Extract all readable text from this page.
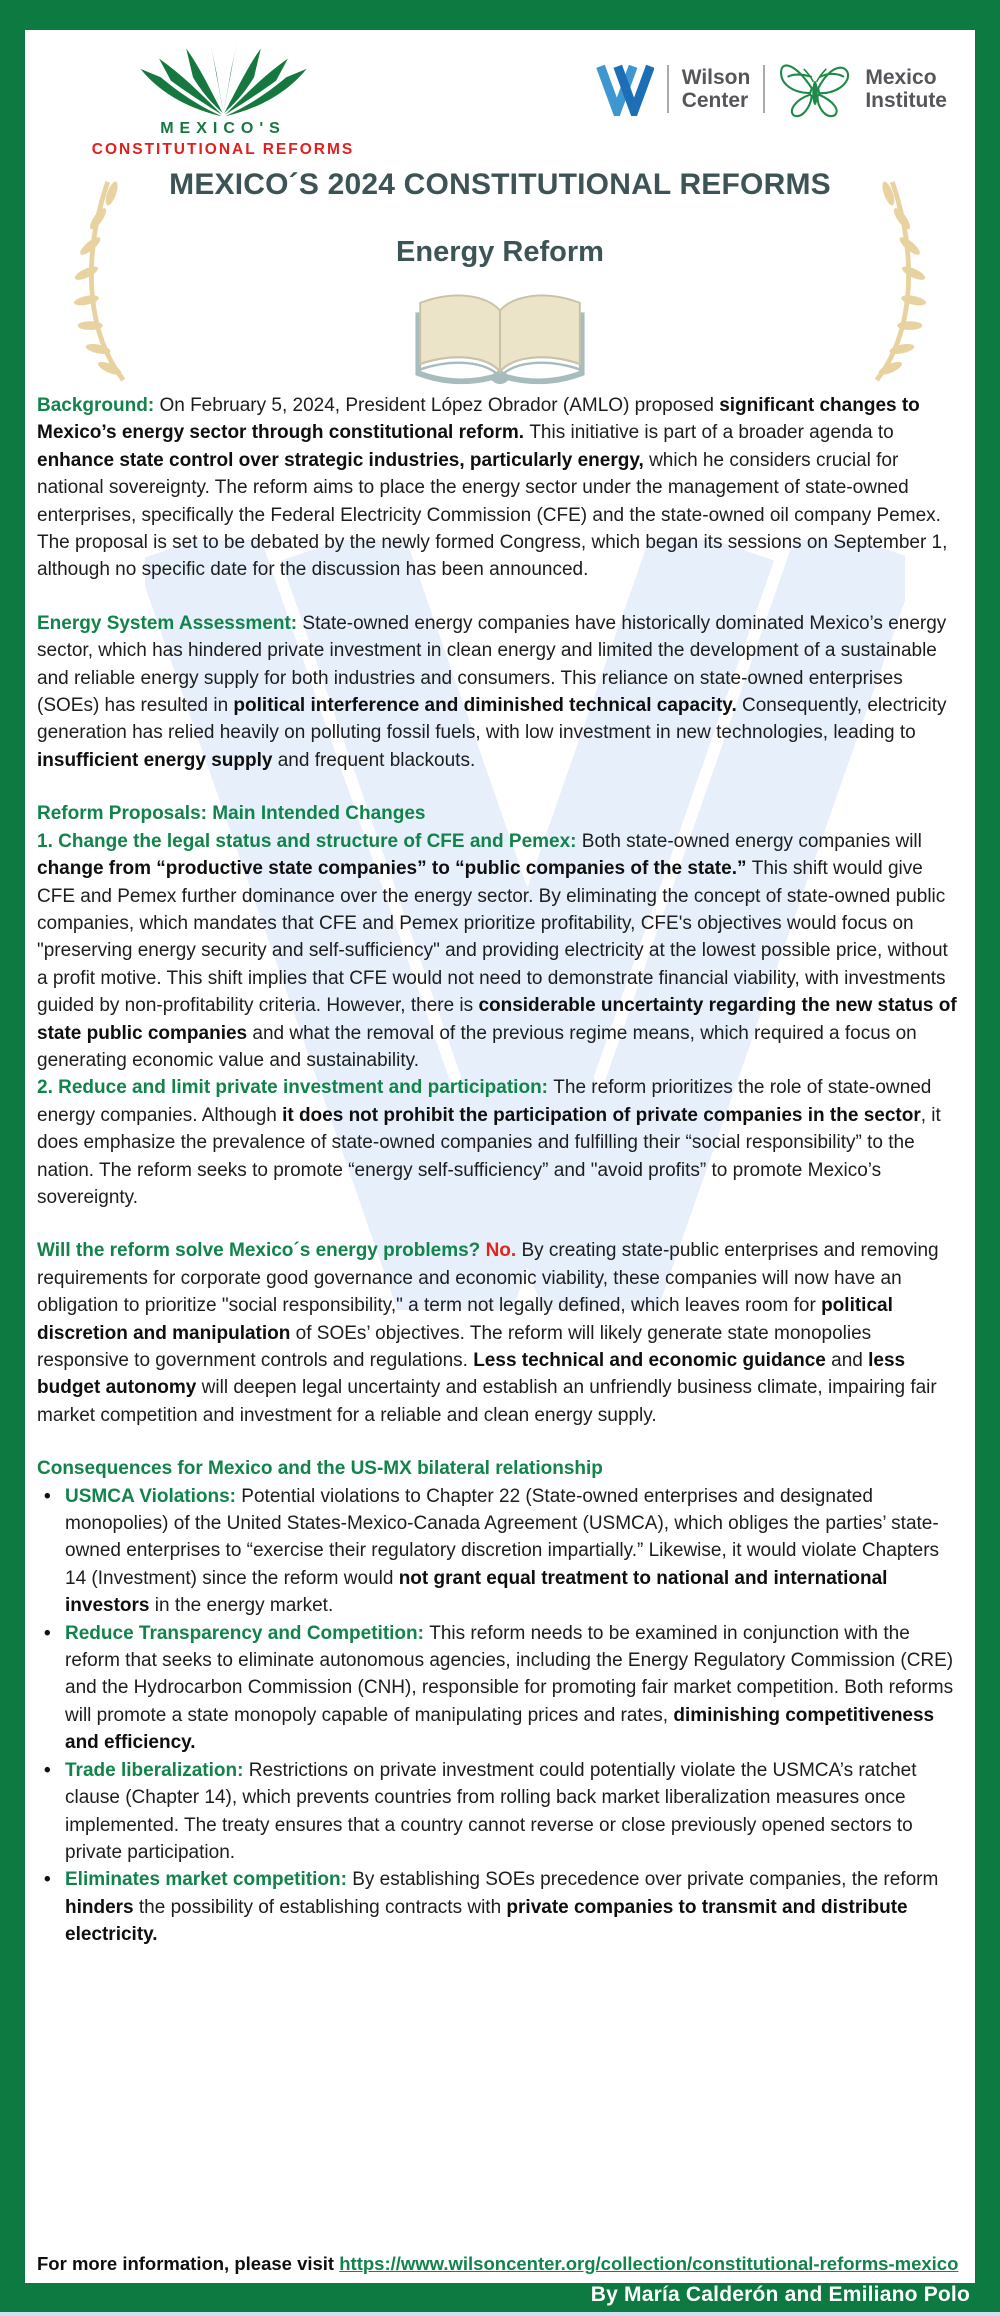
MEXICO'S
CONSTITUTIONAL REFORMS
Wilson
Center
Mexico
Institute
MEXICO´S 2024 CONSTITUTIONAL REFORMS
Energy Reform

Background: On February 5, 2024, President López Obrador (AMLO) proposed significant changes to Mexico’s energy sector through constitutional reform. This initiative is part of a broader agenda to enhance state control over strategic industries, particularly energy, which he considers crucial for national sovereignty. The reform aims to place the energy sector under the management of state-owned enterprises, specifically the Federal Electricity Commission (CFE) and the state-owned oil company Pemex. The proposal is set to be debated by the newly formed Congress, which began its sessions on September 1, although no specific date for the discussion has been announced.

Energy System Assessment: State-owned energy companies have historically dominated Mexico’s energy sector, which has hindered private investment in clean energy and limited the development of a sustainable and reliable energy supply for both industries and consumers. This reliance on state-owned enterprises (SOEs) has resulted in political interference and diminished technical capacity. Consequently, electricity generation has relied heavily on polluting fossil fuels, with low investment in new technologies, leading to insufficient energy supply and frequent blackouts.

Reform Proposals: Main Intended Changes

1. Change the legal status and structure of CFE and Pemex: Both state-owned energy companies will change from “productive state companies” to “public companies of the state.” This shift would give CFE and Pemex further dominance over the energy sector. By eliminating the concept of state-owned public companies, which mandates that CFE and Pemex prioritize profitability, CFE's objectives would focus on "preserving energy security and self-sufficiency" and providing electricity at the lowest possible price, without a profit motive. This shift implies that CFE would not need to demonstrate financial viability, with investments guided by non-profitability criteria. However, there is considerable uncertainty regarding the new status of state public companies and what the removal of the previous regime means, which required a focus on generating economic value and sustainability.

2. Reduce and limit private investment and participation: The reform prioritizes the role of state-owned energy companies. Although it does not prohibit the participation of private companies in the sector, it does emphasize the prevalence of state-owned companies and fulfilling their “social responsibility” to the nation. The reform seeks to promote “energy self-sufficiency” and "avoid profits” to promote Mexico’s sovereignty.

Will the reform solve Mexico´s energy problems? No. By creating state-public enterprises and removing requirements for corporate good governance and economic viability, these companies will now have an obligation to prioritize "social responsibility," a term not legally defined, which leaves room for political discretion and manipulation of SOEs’ objectives. The reform will likely generate state monopolies responsive to government controls and regulations. Less technical and economic guidance and less budget autonomy will deepen legal uncertainty and establish an unfriendly business climate, impairing fair market competition and investment for a reliable and clean energy supply.

Consequences for Mexico and the US-MX bilateral relationship

• USMCA Violations: Potential violations to Chapter 22 (State-owned enterprises and designated monopolies) of the United States-Mexico-Canada Agreement (USMCA), which obliges the parties’ state-owned enterprises to “exercise their regulatory discretion impartially.” Likewise, it would violate Chapters 14 (Investment) since the reform would not grant equal treatment to national and international investors in the energy market.
• Reduce Transparency and Competition: This reform needs to be examined in conjunction with the reform that seeks to eliminate autonomous agencies, including the Energy Regulatory Commission (CRE) and the Hydrocarbon Commission (CNH), responsible for promoting fair market competition. Both reforms will promote a state monopoly capable of manipulating prices and rates, diminishing competitiveness and efficiency.
• Trade liberalization: Restrictions on private investment could potentially violate the USMCA’s ratchet clause (Chapter 14), which prevents countries from rolling back market liberalization measures once implemented. The treaty ensures that a country cannot reverse or close previously opened sectors to private participation.
• Eliminates market competition: By establishing SOEs precedence over private companies, the reform hinders the possibility of establishing contracts with private companies to transmit and distribute electricity.
For more information, please visit https://www.wilsoncenter.org/collection/constitutional-reforms-mexico
By María Calderón and Emiliano Polo
